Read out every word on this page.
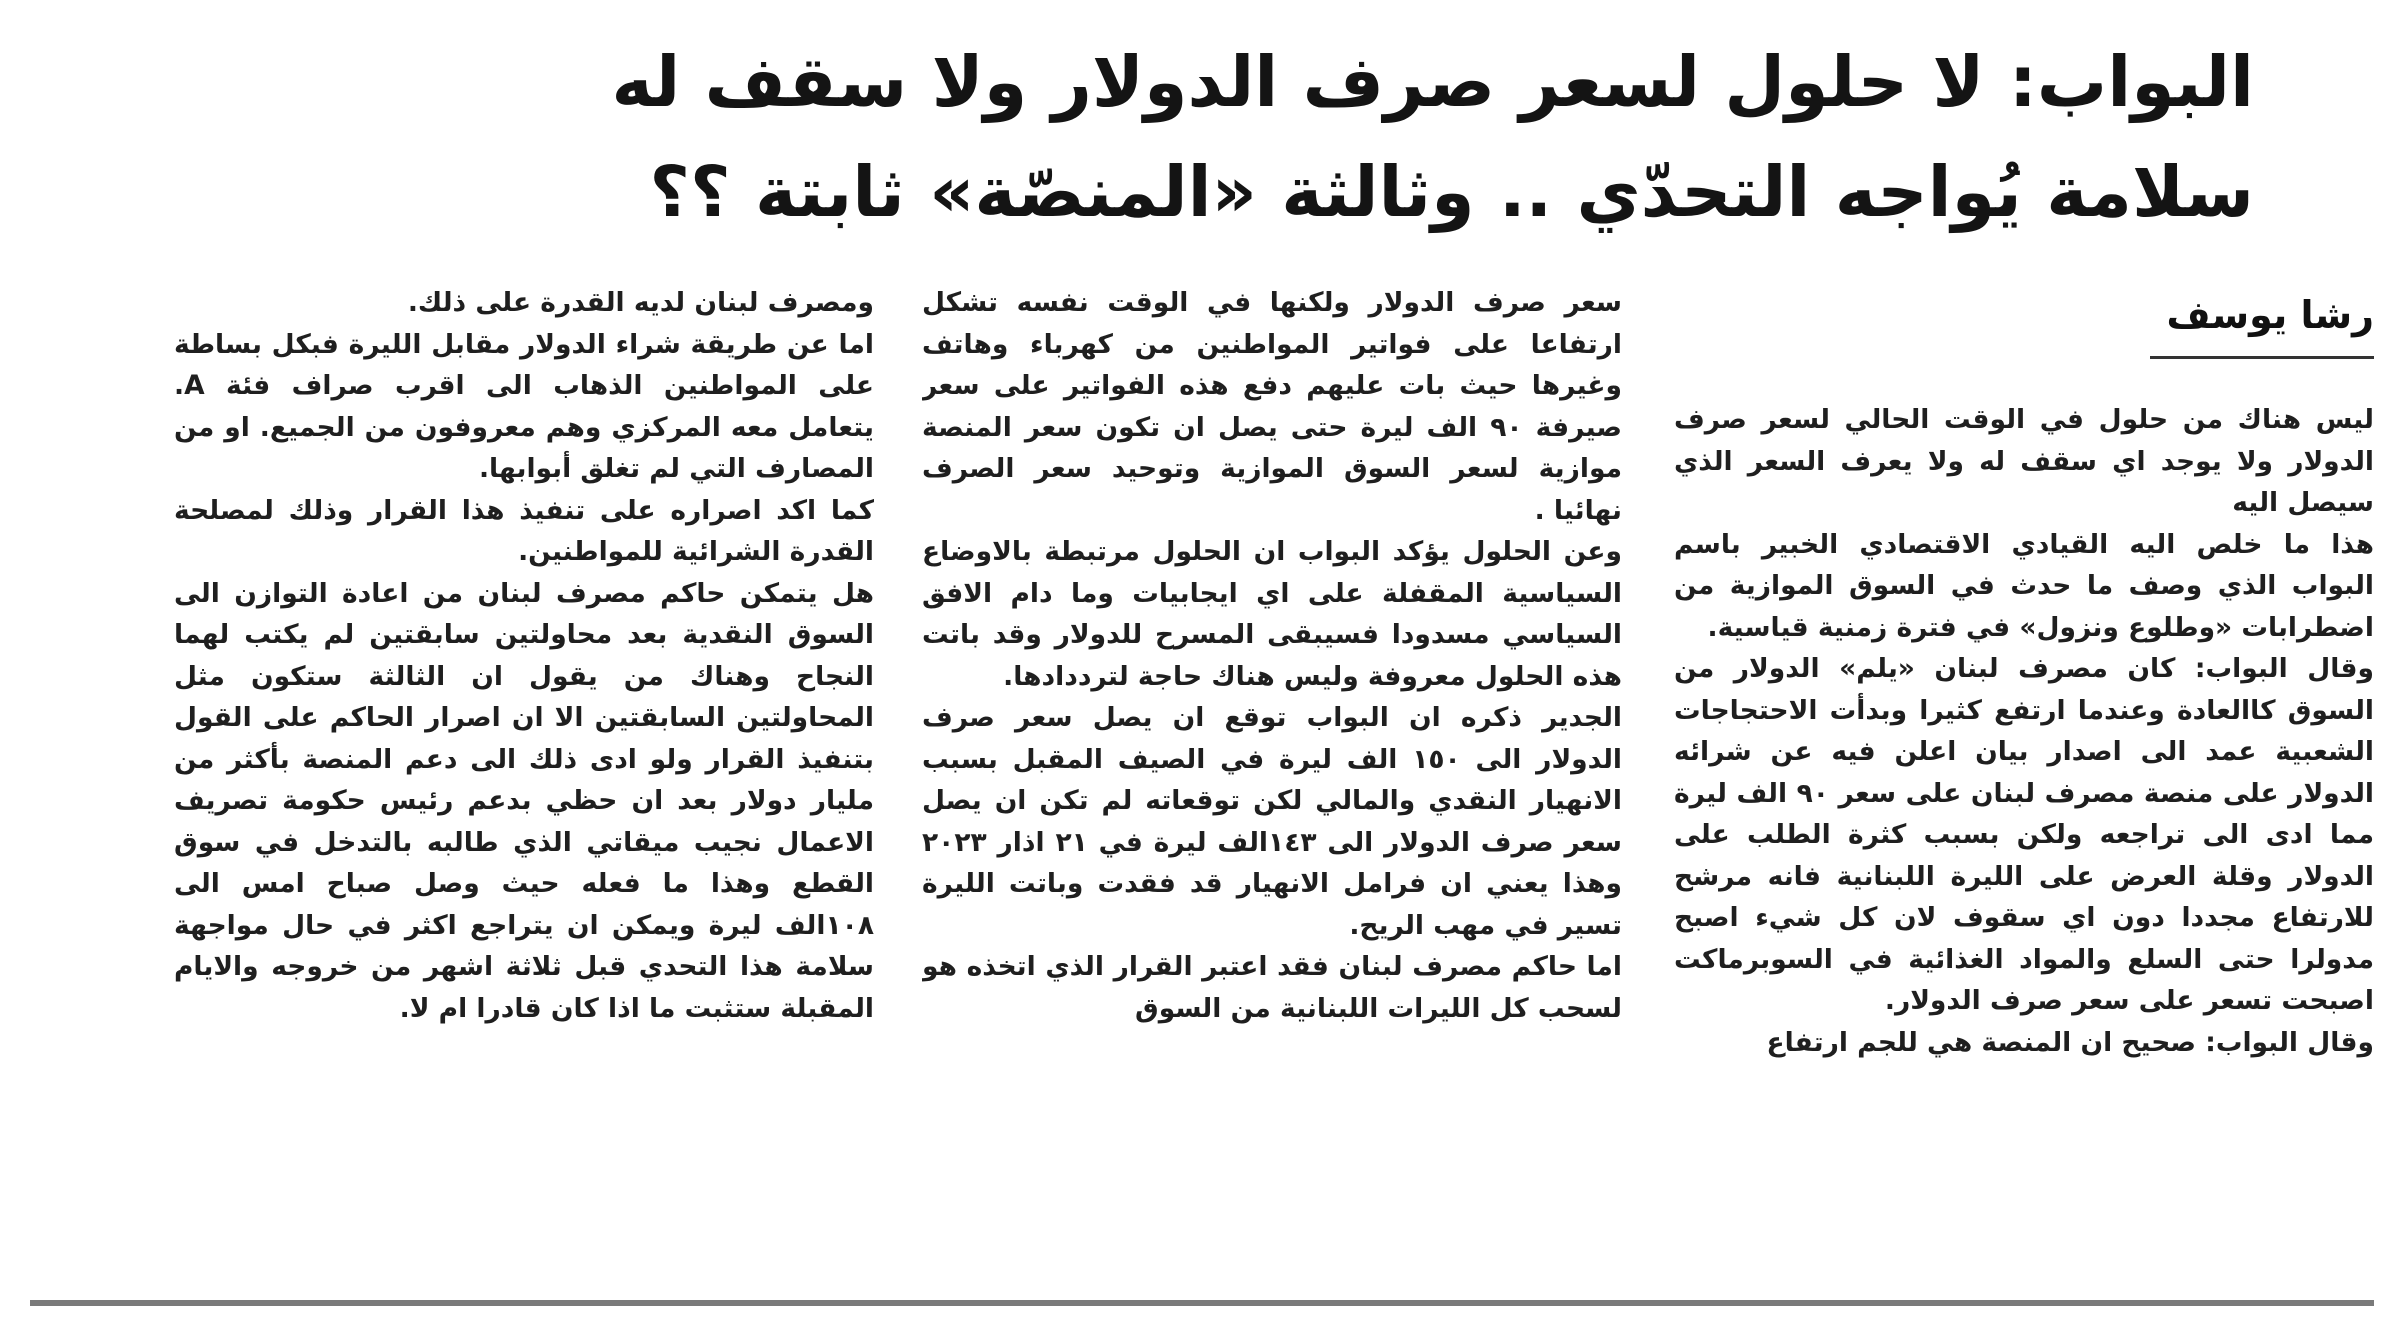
البواب: لا حلول لسعر صرف الدولار ولا سقف له
سلامة يُواجه التحدّي .. وثالثة «المنصّة» ثابتة ؟؟
رشا يوسف

ليس هناك من حلول في الوقت الحالي لسعر صرف الدولار ولا يوجد اي سقف له ولا يعرف السعر الذي سيصل اليه

هذا ما خلص اليه القيادي الاقتصادي الخبير باسم البواب الذي وصف ما حدث في السوق الموازية من اضطرابات «وطلوع ونزول» في فترة زمنية قياسية.

وقال البواب: كان مصرف لبنان «يلم» الدولار من السوق كاالعادة وعندما ارتفع كثيرا وبدأت الاحتجاجات الشعبية عمد الى اصدار بيان اعلن فيه عن شرائه الدولار على منصة مصرف لبنان على سعر ٩٠ الف ليرة مما ادى الى تراجعه ولكن بسبب كثرة الطلب على الدولار وقلة العرض على الليرة اللبنانية فانه مرشح للارتفاع مجددا دون اي سقوف لان كل شيء اصبح مدولرا حتى السلع والمواد الغذائية في السوبرماكت اصبحت تسعر على سعر صرف الدولار.

وقال البواب: صحيح ان المنصة هي للجم ارتفاع

سعر صرف الدولار ولكنها في الوقت نفسه تشكل ارتفاعا على فواتير المواطنين من كهرباء وهاتف وغيرها حيث بات عليهم دفع هذه الفواتير على سعر صيرفة ٩٠ الف ليرة حتى يصل ان تكون سعر المنصة موازية لسعر السوق الموازية وتوحيد سعر الصرف نهائيا .

وعن الحلول يؤكد البواب ان الحلول مرتبطة بالاوضاع السياسية المقفلة على اي ايجابيات وما دام الافق السياسي مسدودا فسيبقى المسرح للدولار وقد باتت هذه الحلول معروفة وليس هناك حاجة لترددادها.

الجدير ذكره ان البواب توقع ان يصل سعر صرف الدولار الى ١٥٠ الف ليرة في الصيف المقبل بسبب الانهيار النقدي والمالي لكن توقعاته لم تكن ان يصل سعر صرف الدولار الى ١٤٣الف ليرة في ٢١ اذار ٢٠٢٣ وهذا يعني ان فرامل الانهيار قد فقدت وباتت الليرة تسير في مهب الريح.

اما حاكم مصرف لبنان فقد اعتبر القرار الذي اتخذه هو لسحب كل الليرات اللبنانية من السوق

ومصرف لبنان لديه القدرة على ذلك.

اما عن طريقة شراء الدولار مقابل الليرة فبكل بساطة على المواطنين الذهاب الى اقرب صراف فئة A. يتعامل معه المركزي وهم معروفون من الجميع. او من المصارف التي لم تغلق أبوابها.

كما اكد اصراره على تنفيذ هذا القرار وذلك لمصلحة القدرة الشرائية للمواطنين.

هل يتمكن حاكم مصرف لبنان من اعادة التوازن الى السوق النقدية بعد محاولتين سابقتين لم يكتب لهما النجاح وهناك من يقول ان الثالثة ستكون مثل المحاولتين السابقتين الا ان اصرار الحاكم على القول بتنفيذ القرار ولو ادى ذلك الى دعم المنصة بأكثر من مليار دولار بعد ان حظي بدعم رئيس حكومة تصريف الاعمال نجيب ميقاتي الذي طالبه بالتدخل في سوق القطع وهذا ما فعله حيث وصل صباح امس الى ١٠٨الف ليرة ويمكن ان يتراجع اكثر في حال مواجهة سلامة هذا التحدي قبل ثلاثة اشهر من خروجه والايام المقبلة ستثبت ما اذا كان قادرا ام لا.
